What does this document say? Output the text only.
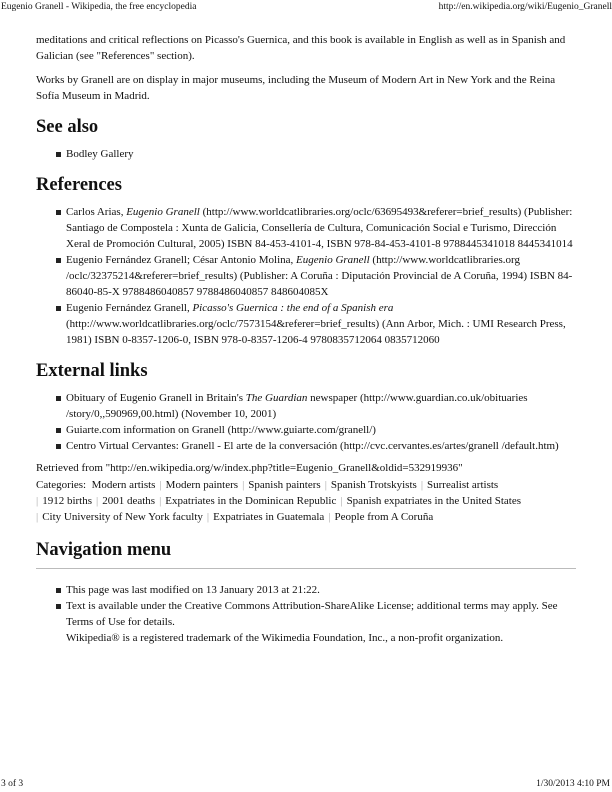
Eugenio Granell - Wikipedia, the free encyclopedia	http://en.wikipedia.org/wiki/Eugenio_Granell

meditations and critical reflections on Picasso's Guernica, and this book is available in English as well as in Spanish and Galician (see "References" section).

Works by Granell are on display in major museums, including the Museum of Modern Art in New York and the Reina Sofía Museum in Madrid.

See also
Bodley Gallery
References
Carlos Arias, Eugenio Granell (http://www.worldcatlibraries.org/oclc/63695493&referer=brief_results) (Publisher: Santiago de Compostela : Xunta de Galicia, Consellería de Cultura, Comunicación Social e Turismo, Dirección Xeral de Promoción Cultural, 2005) ISBN 84-453-4101-4, ISBN 978-84-453-4101-8 9788445341018 8445341014
Eugenio Fernández Granell; César Antonio Molina, Eugenio Granell (http://www.worldcatlibraries.org /oclc/32375214&referer=brief_results) (Publisher: A Coruña : Diputación Provincial de A Coruña, 1994) ISBN 84-86040-85-X 9788486040857 9788486040857 848604085X
Eugenio Fernández Granell, Picasso's Guernica : the end of a Spanish era (http://www.worldcatlibraries.org/oclc/7573154&referer=brief_results) (Ann Arbor, Mich. : UMI Research Press, 1981) ISBN 0-8357-1206-0, ISBN 978-0-8357-1206-4 9780835712064 0835712060
External links
Obituary of Eugenio Granell in Britain's The Guardian newspaper (http://www.guardian.co.uk/obituaries /story/0,,590969,00.html) (November 10, 2001)
Guiarte.com information on Granell (http://www.guiarte.com/granell/)
Centro Virtual Cervantes: Granell - El arte de la conversación (http://cvc.cervantes.es/artes/granell /default.htm)
Retrieved from "http://en.wikipedia.org/w/index.php?title=Eugenio_Granell&oldid=532919936"
Categories: Modern artists | Modern painters | Spanish painters | Spanish Trotskyists | Surrealist artists
| 1912 births | 2001 deaths | Expatriates in the Dominican Republic | Spanish expatriates in the United States
| City University of New York faculty | Expatriates in Guatemala | People from A Coruña
Navigation menu
This page was last modified on 13 January 2013 at 21:22.
Text is available under the Creative Commons Attribution-ShareAlike License; additional terms may apply. See Terms of Use for details.
Wikipedia® is a registered trademark of the Wikimedia Foundation, Inc., a non-profit organization.
3 of 3	1/30/2013 4:10 PM
